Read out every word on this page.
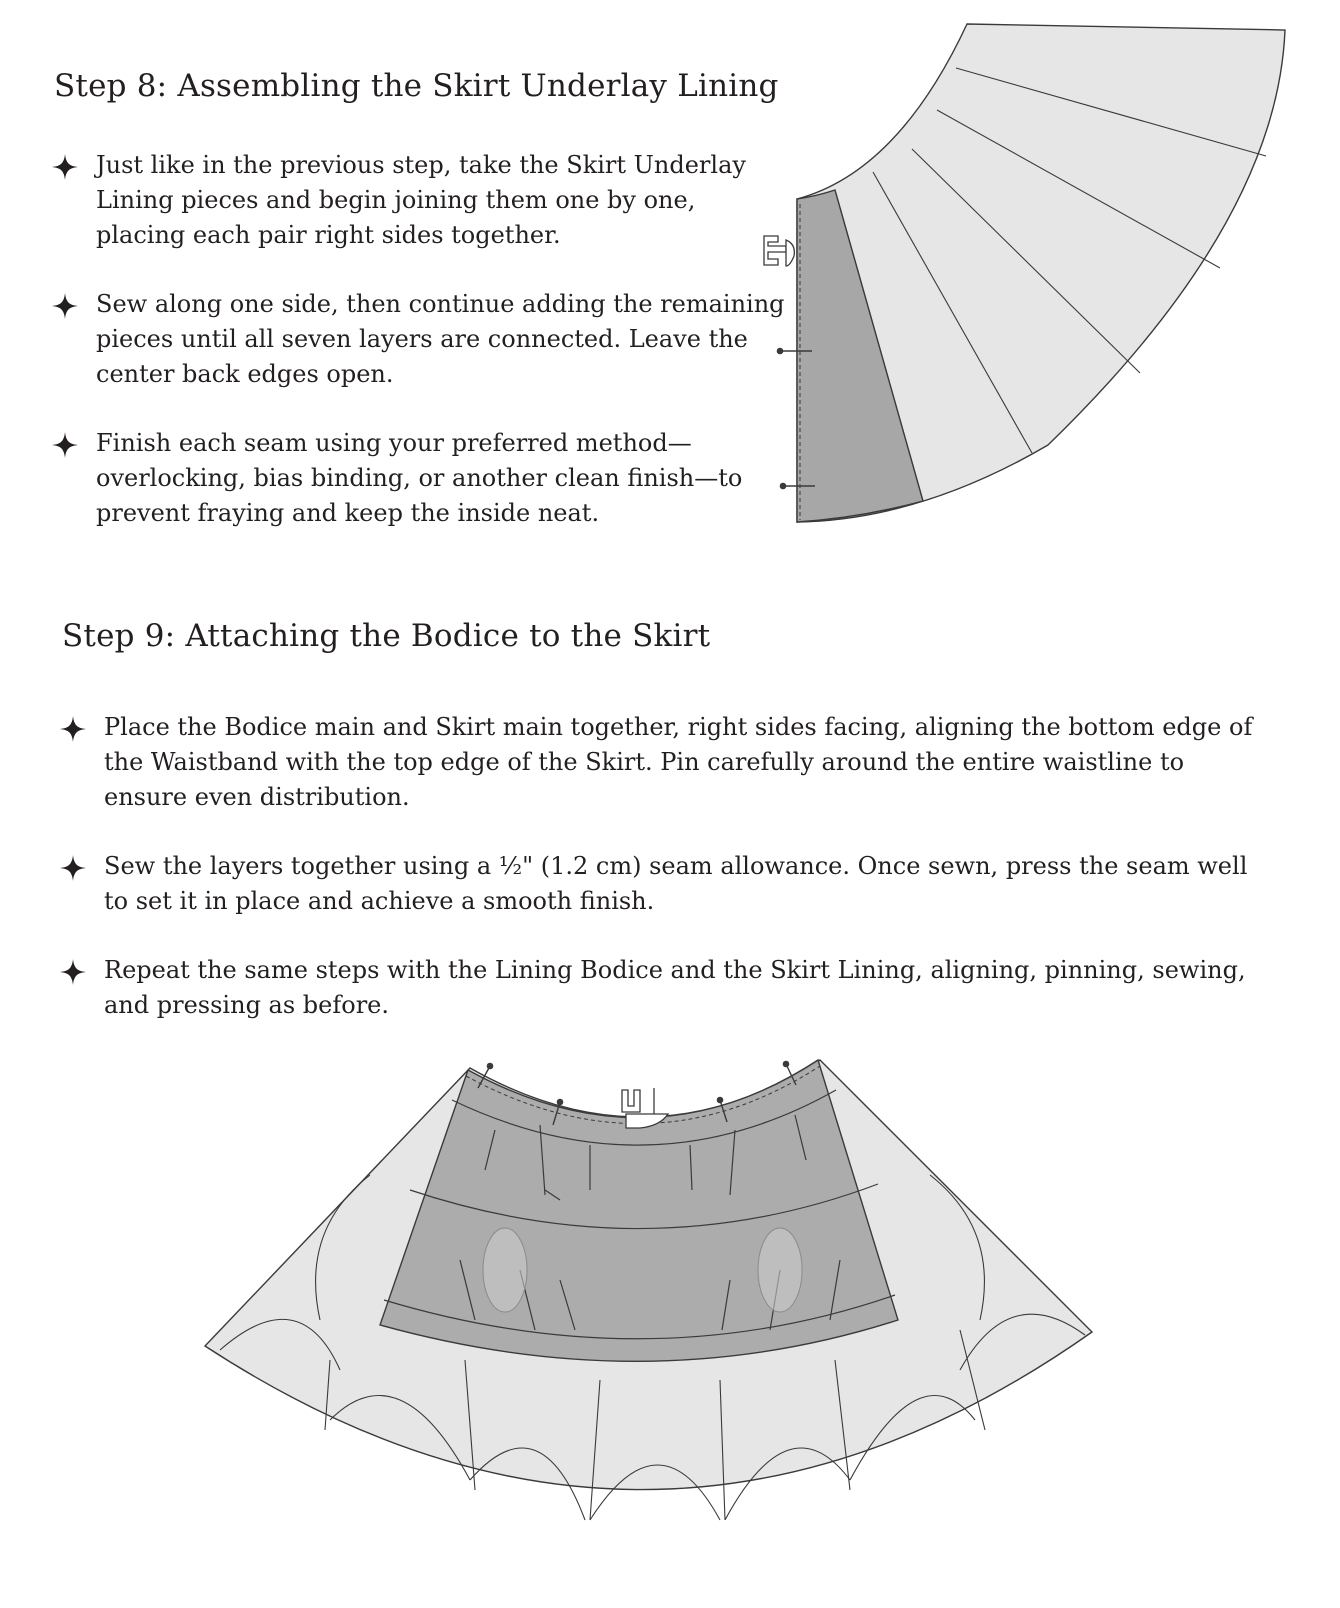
Step 8: Assembling the Skirt Underlay Lining
Just like in the previous step, take the Skirt Underlay Lining pieces and begin joining them one by one, placing each pair right sides together.
Sew along one side, then continue adding the remaining pieces until all seven layers are connected. Leave the center back edges open.
Finish each seam using your preferred method—overlocking, bias binding, or another clean finish—to prevent fraying and keep the inside neat.
Step 9: Attaching the Bodice to the Skirt
Place the Bodice main and Skirt main together, right sides facing, aligning the bottom edge of the Waistband with the top edge of the Skirt. Pin carefully around the entire waistline to ensure even distribution.
Sew the layers together using a ½" (1.2 cm) seam allowance. Once sewn, press the seam well to set it in place and achieve a smooth finish.
Repeat the same steps with the Lining Bodice and the Skirt Lining, aligning, pinning, sewing, and pressing as before.
